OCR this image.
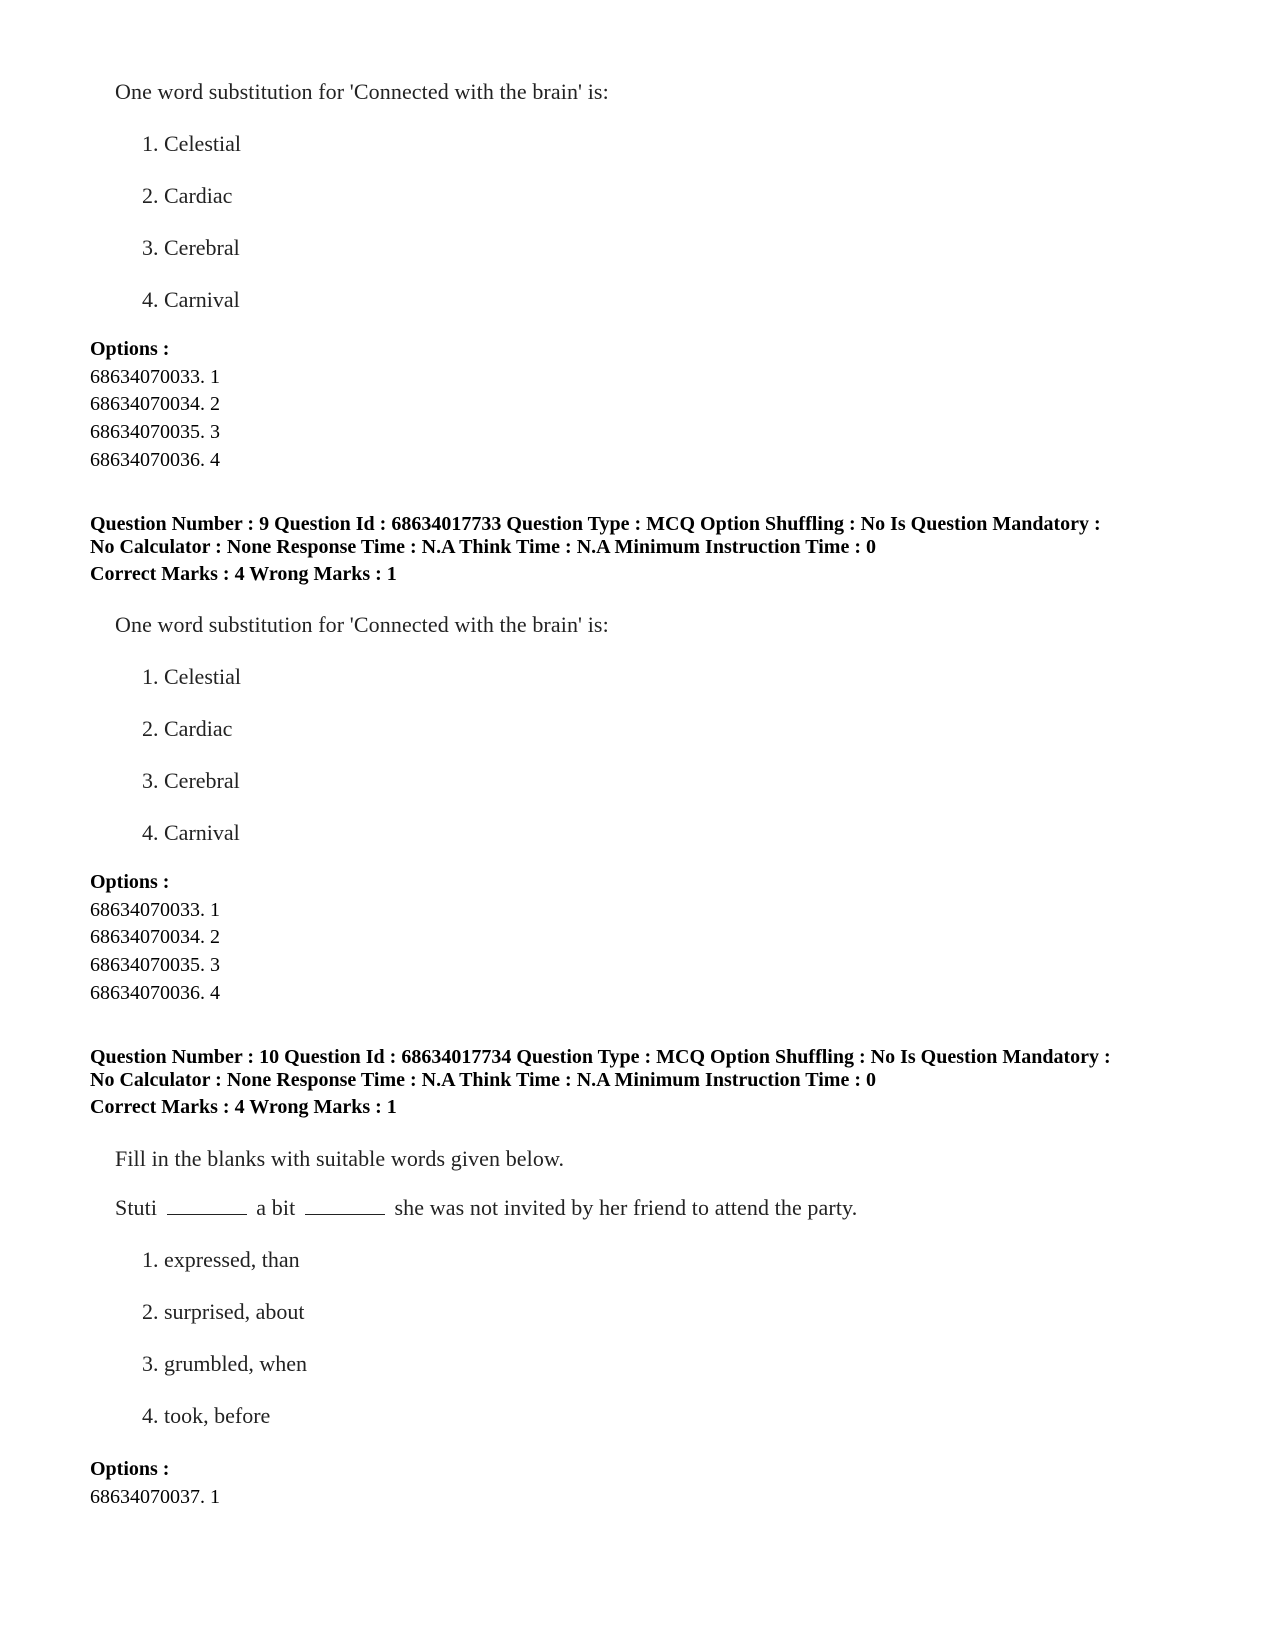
One word substitution for 'Connected with the brain' is:
1. Celestial
2. Cardiac
3. Cerebral
4. Carnival
Options :
68634070033. 1
68634070034. 2
68634070035. 3
68634070036. 4
Question Number : 9 Question Id : 68634017733 Question Type : MCQ Option Shuffling : No Is Question Mandatory :
No Calculator : None Response Time : N.A Think Time : N.A Minimum Instruction Time : 0
Correct Marks : 4 Wrong Marks : 1
One word substitution for 'Connected with the brain' is:
1. Celestial
2. Cardiac
3. Cerebral
4. Carnival
Options :
68634070033. 1
68634070034. 2
68634070035. 3
68634070036. 4
Question Number : 10 Question Id : 68634017734 Question Type : MCQ Option Shuffling : No Is Question Mandatory :
No Calculator : None Response Time : N.A Think Time : N.A Minimum Instruction Time : 0
Correct Marks : 4 Wrong Marks : 1
Fill in the blanks with suitable words given below.
Stuti	a bit	she was not invited by her friend to attend the party.
1. expressed, than
2. surprised, about
3. grumbled, when
4. took, before
Options :
68634070037. 1
